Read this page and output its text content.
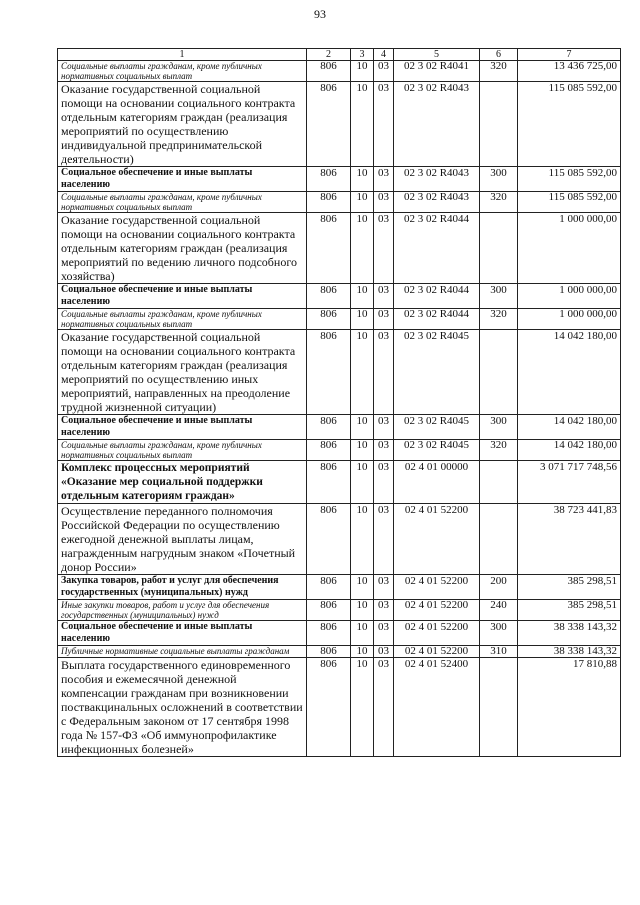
93
1	2	3	4	5	6	7
Социальные выплаты гражданам, кроме публичных нормативных социальных выплат	806	10	03	02 3 02 R4041	320	13 436 725,00
Оказание государственной социальной помощи на основании социального контракта отдельным категориям граждан (реализация мероприятий по осуществлению индивидуальной предпринимательской деятельности)	806	10	03	02 3 02 R4043		115 085 592,00
Социальное обеспечение и иные выплаты населению	806	10	03	02 3 02 R4043	300	115 085 592,00
Социальные выплаты гражданам, кроме публичных нормативных социальных выплат	806	10	03	02 3 02 R4043	320	115 085 592,00
Оказание государственной социальной помощи на основании социального контракта отдельным категориям граждан (реализация мероприятий по ведению личного подсобного хозяйства)	806	10	03	02 3 02 R4044		1 000 000,00
Социальное обеспечение и иные выплаты населению	806	10	03	02 3 02 R4044	300	1 000 000,00
Социальные выплаты гражданам, кроме публичных нормативных социальных выплат	806	10	03	02 3 02 R4044	320	1 000 000,00
Оказание государственной социальной помощи на основании социального контракта отдельным категориям граждан (реализация мероприятий по осуществлению иных мероприятий, направленных на преодоление трудной жизненной ситуации)	806	10	03	02 3 02 R4045		14 042 180,00
Социальное обеспечение и иные выплаты населению	806	10	03	02 3 02 R4045	300	14 042 180,00
Социальные выплаты гражданам, кроме публичных нормативных социальных выплат	806	10	03	02 3 02 R4045	320	14 042 180,00
Комплекс процессных мероприятий «Оказание мер социальной поддержки отдельным категориям граждан»	806	10	03	02 4 01 00000		3 071 717 748,56
Осуществление переданного полномочия Российской Федерации по осуществлению ежегодной денежной выплаты лицам, награжденным нагрудным знаком «Почетный донор России»	806	10	03	02 4 01 52200		38 723 441,83
Закупка товаров, работ и услуг для обеспечения государственных (муниципальных) нужд	806	10	03	02 4 01 52200	200	385 298,51
Иные закупки товаров, работ и услуг для обеспечения государственных (муниципальных) нужд	806	10	03	02 4 01 52200	240	385 298,51
Социальное обеспечение и иные выплаты населению	806	10	03	02 4 01 52200	300	38 338 143,32
Публичные нормативные социальные выплаты гражданам	806	10	03	02 4 01 52200	310	38 338 143,32
Выплата государственного единовременного пособия и ежемесячной денежной компенсации гражданам при возникновении поствакцинальных осложнений в соответствии с Федеральным законом от 17 сентября 1998 года № 157-ФЗ «Об иммунопрофилактике инфекционных болезней»	806	10	03	02 4 01 52400		17 810,88
